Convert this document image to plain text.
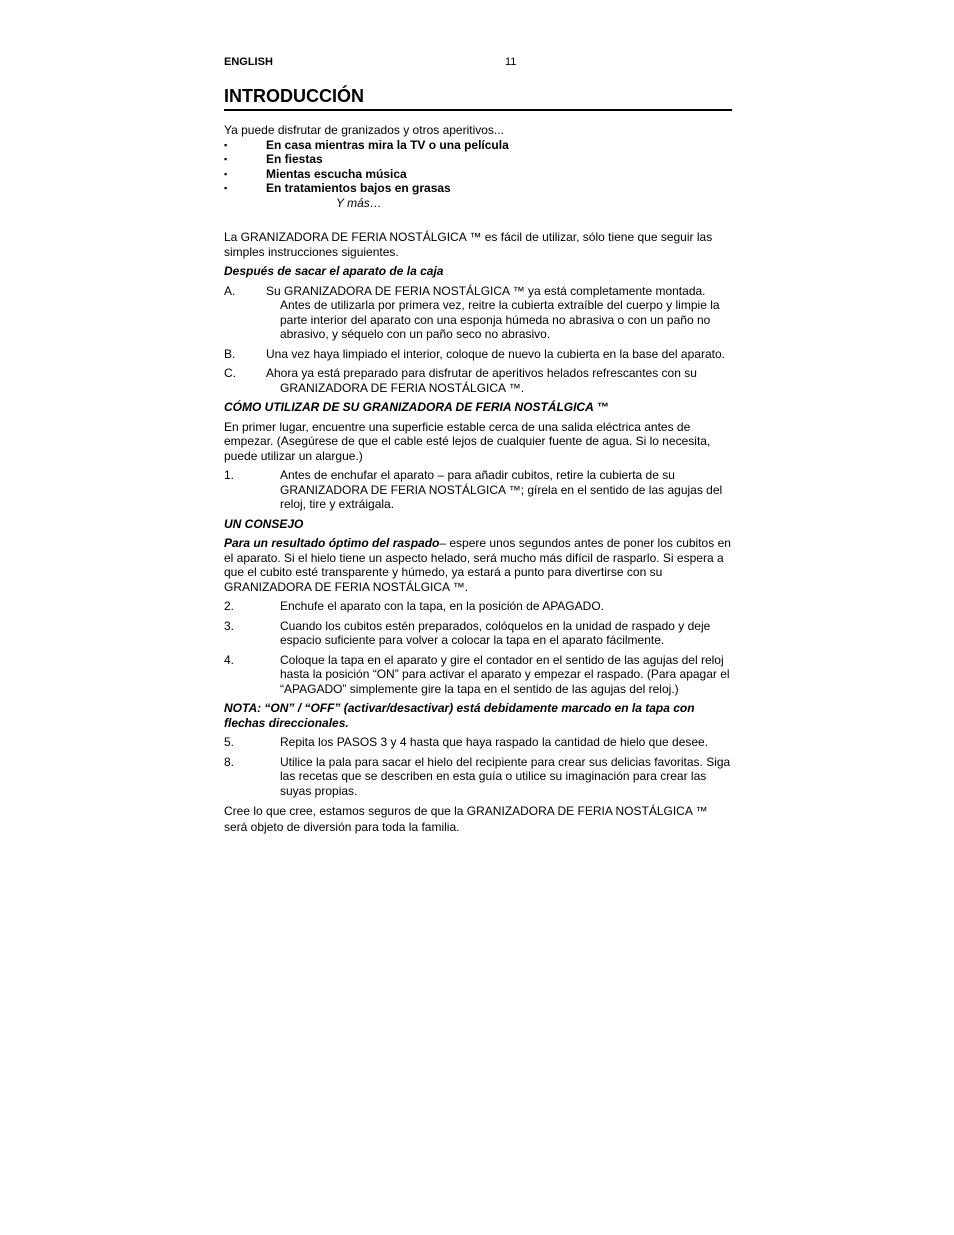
ENGLISH	11
INTRODUCCIÓN

Ya puede disfrutar de granizados y otros aperitivos...

▪	En casa mientras mira la TV o una película
▪	En fiestas
▪	Mientas escucha música
▪	En tratamientos bajos en grasas

Y más…

La GRANIZADORA DE FERIA NOSTÁLGICA ™ es fácil de utilizar, sólo tiene que seguir las simples instrucciones siguientes.

Después de sacar el aparato de la caja

A.	Su GRANIZADORA DE FERIA NOSTÁLGICA ™ ya está completamente montada.

Antes de utilizarla por primera vez, reitre la cubierta extraíble del cuerpo y limpie la parte interior del aparato con una esponja húmeda no abrasiva o con un paño no abrasivo, y séquelo con un paño seco no abrasivo.

B.	Una vez haya limpiado el interior, coloque de nuevo la cubierta en la base del aparato.

C.	Ahora ya está preparado para disfrutar de aperitivos helados refrescantes con su GRANIZADORA DE FERIA NOSTÁLGICA ™.

CÓMO UTILIZAR DE SU GRANIZADORA DE FERIA NOSTÁLGICA ™

En primer lugar, encuentre una superficie estable cerca de una salida eléctrica antes de empezar. (Asegúrese de que el cable esté lejos de cualquier fuente de agua. Si lo necesita, puede utilizar un alargue.)

1.	Antes de enchufar el aparato – para añadir cubitos, retire la cubierta de su GRANIZADORA DE FERIA NOSTÁLGICA ™; gírela en el sentido de las agujas del reloj, tire y extráigala.

UN CONSEJO

Para un resultado óptimo del raspado– espere unos segundos antes de poner los cubitos en el aparato. Si el hielo tiene un aspecto helado, será mucho más difícil de rasparlo. Si espera a que el cubito esté transparente y húmedo, ya estará a punto para divertirse con su GRANIZADORA DE FERIA NOSTÁLGICA ™.

2.	Enchufe el aparato con la tapa, en la posición de APAGADO.

3.	Cuando los cubitos estén preparados, colóquelos en la unidad de raspado y deje espacio suficiente para volver a colocar la tapa en el aparato fácilmente.

4.	Coloque la tapa en el aparato y gire el contador en el sentido de las agujas del reloj hasta la posición “ON” para activar el aparato y empezar el raspado. (Para apagar el “APAGADO” simplemente gire la tapa en el sentido de las agujas del reloj.)

NOTA: “ON” / “OFF” (activar/desactivar) está debidamente marcado en la tapa con flechas direccionales.

5.	Repita los PASOS 3 y 4 hasta que haya raspado la cantidad de hielo que desee.

8.	Utilice la pala para sacar el hielo del recipiente para crear sus delicias favoritas. Siga las recetas que se describen en esta guía o utilice su imaginación para crear las suyas propias.

Cree lo que cree, estamos seguros de que la GRANIZADORA DE FERIA NOSTÁLGICA ™ será objeto de diversión para toda la familia.
